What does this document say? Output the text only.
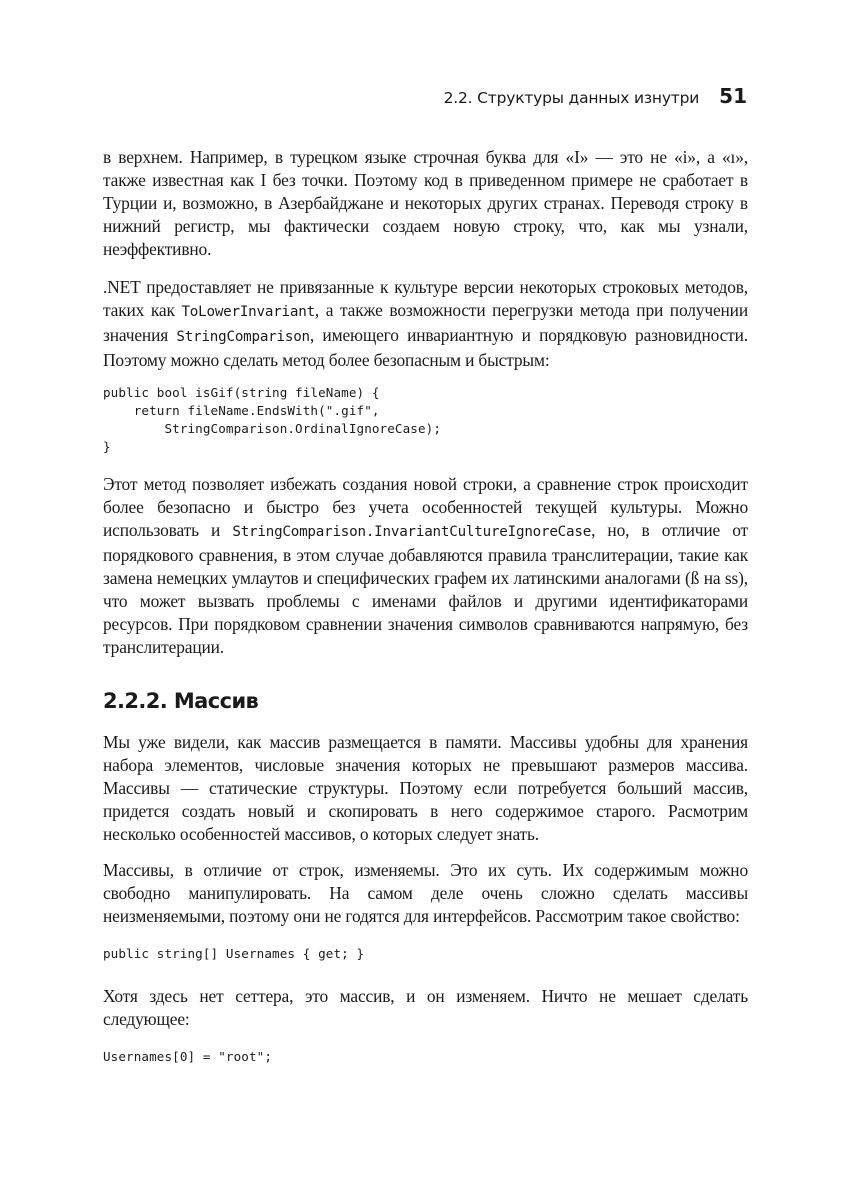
2.2. Структуры данных изнутри 51

в верхнем. Например, в турецком языке строчная буква для «I» — это не «i», а «ı», также известная как I без точки. Поэтому код в приведенном примере не сработает в Турции и, возможно, в Азербайджане и некоторых других странах. Переводя строку в нижний регистр, мы фактически создаем новую строку, что, как мы узнали, неэффективно.

.NET предоставляет не привязанные к культуре версии некоторых строковых методов, таких как ToLowerInvariant, а также возможности перегрузки метода при получении значения StringComparison, имеющего инвариантную и порядковую разновидности. Поэтому можно сделать метод более безопасным и быстрым:

public bool isGif(string fileName) {
return fileName.EndsWith(".gif",
StringComparison.OrdinalIgnoreCase);
}

Этот метод позволяет избежать создания новой строки, а сравнение строк происходит более безопасно и быстро без учета особенностей текущей культуры. Можно использовать и StringComparison.InvariantCultureIgnoreCase, но, в отличие от порядкового сравнения, в этом случае добавляются правила транслитерации, такие как замена немецких умлаутов и специфических графем их латинскими аналогами (ß на ss), что может вызвать проблемы с именами файлов и другими идентификаторами ресурсов. При порядковом сравнении значения символов сравниваются напрямую, без транслитерации.

2.2.2. Массив

Мы уже видели, как массив размещается в памяти. Массивы удобны для хранения набора элементов, числовые значения которых не превышают размеров массива. Массивы — статические структуры. Поэтому если потребуется больший массив, придется создать новый и скопировать в него содержимое старого. Расмотрим несколько особенностей массивов, о которых следует знать.

Массивы, в отличие от строк, изменяемы. Это их суть. Их содержимым можно свободно манипулировать. На самом деле очень сложно сделать массивы неизменяемыми, поэтому они не годятся для интерфейсов. Рассмотрим такое свойство:

public string[] Usernames { get; }

Хотя здесь нет сеттера, это массив, и он изменяем. Ничто не мешает сделать следующее:

Usernames[0] = "root";
